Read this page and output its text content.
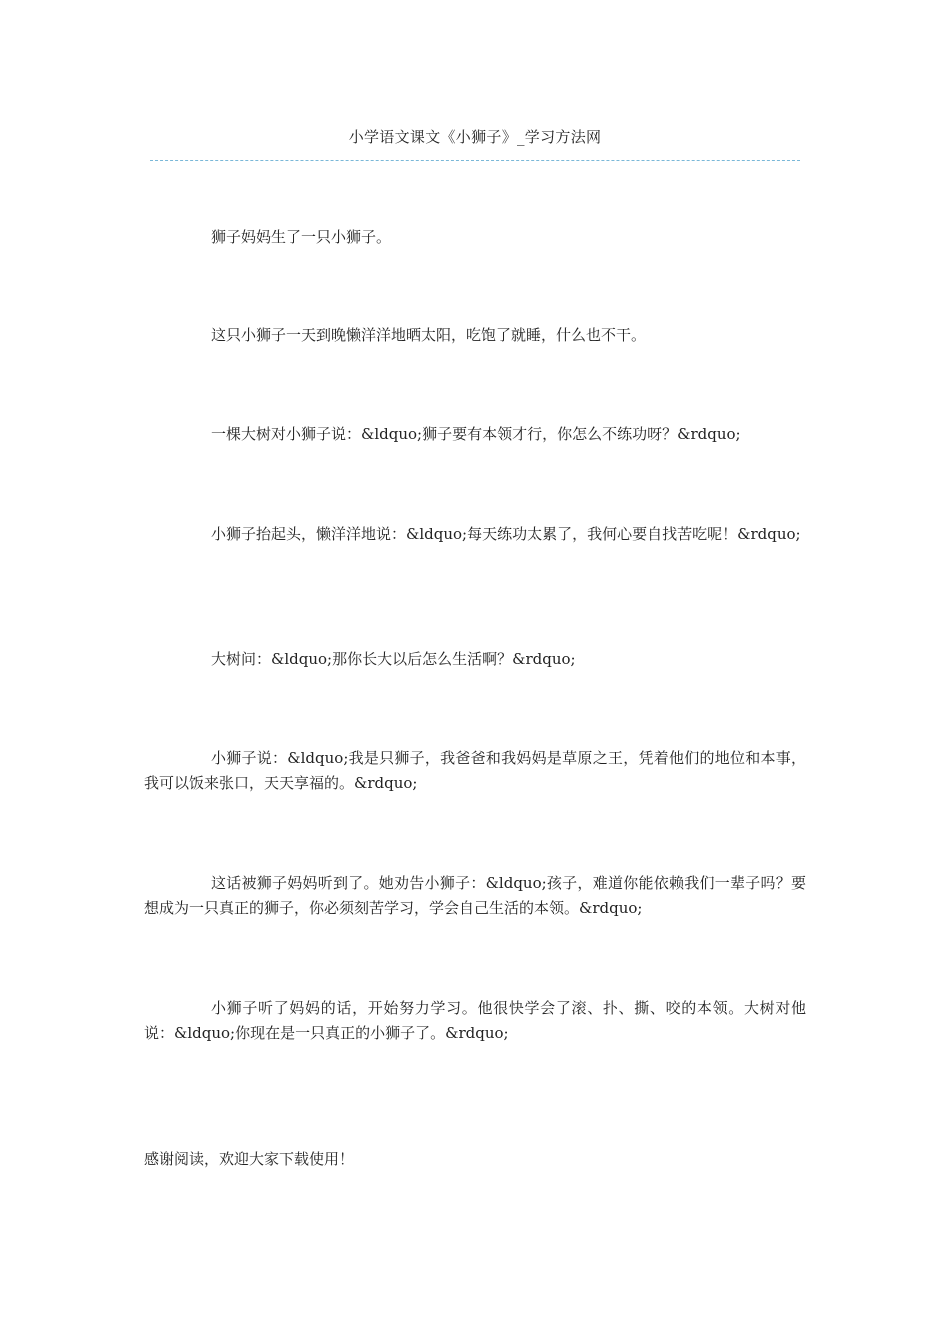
小学语文课文《小狮子》_学习方法网

狮子妈妈生了一只小狮子。

这只小狮子一天到晚懒洋洋地晒太阳，吃饱了就睡，什么也不干。

一棵大树对小狮子说：&ldquo;狮子要有本领才行，你怎么不练功呀？&rdquo;

小狮子抬起头，懒洋洋地说：&ldquo;每天练功太累了，我何心要自找苦吃呢！&rdquo;

大树问：&ldquo;那你长大以后怎么生活啊？&rdquo;

小狮子说：&ldquo;我是只狮子，我爸爸和我妈妈是草原之王，凭着他们的地位和本事，我可以饭来张口，天天享福的。&rdquo;

这话被狮子妈妈听到了。她劝告小狮子：&ldquo;孩子，难道你能依赖我们一辈子吗？要想成为一只真正的狮子，你必须刻苦学习，学会自己生活的本领。&rdquo;

小狮子听了妈妈的话，开始努力学习。他很快学会了滚、扑、撕、咬的本领。大树对他说：&ldquo;你现在是一只真正的小狮子了。&rdquo;

感谢阅读，欢迎大家下载使用！
